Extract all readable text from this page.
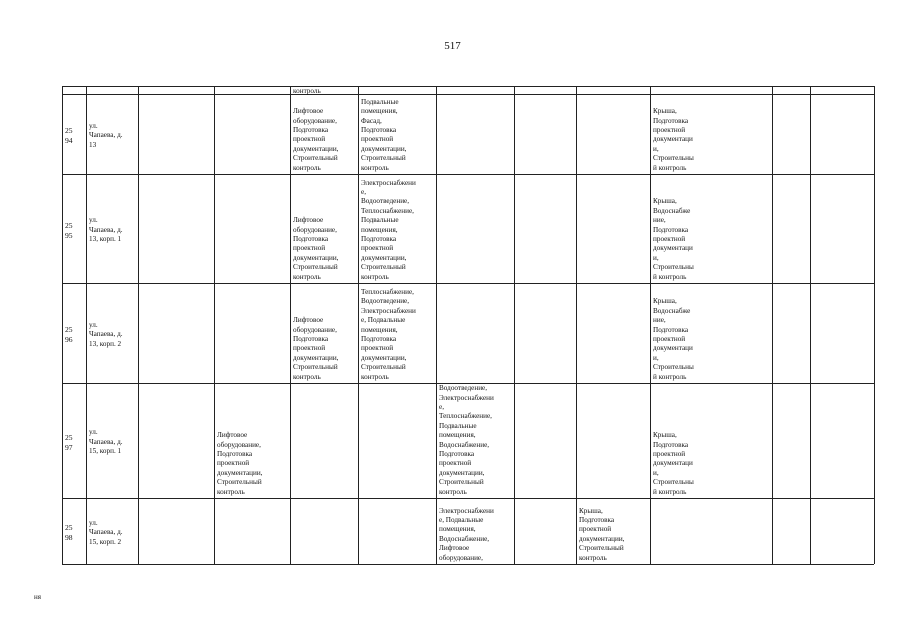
517
контроль
25
94
ул.
Чапаева, д.
13
Лифтовое
оборудование,
Подготовка
проектной
документации,
Строительный
контроль
Подвальные
помещения,
Фасад,
Подготовка
проектной
документации,
Строительный
контроль
Крыша,
Подготовка
проектной
документаци
и,
Строительны
й контроль
25
95
ул.
Чапаева, д.
13, корп. 1
Лифтовое
оборудование,
Подготовка
проектной
документации,
Строительный
контроль
Электроснабжени
е,
Водоотведение,
Теплоснабжение,
Подвальные
помещения,
Подготовка
проектной
документации,
Строительный
контроль
Крыша,
Водоснабже
ние,
Подготовка
проектной
документаци
и,
Строительны
й контроль
25
96
ул.
Чапаева, д.
13, корп. 2
Лифтовое
оборудование,
Подготовка
проектной
документации,
Строительный
контроль
Теплоснабжение,
Водоотведение,
Электроснабжени
е, Подвальные
помещения,
Подготовка
проектной
документации,
Строительный
контроль
Крыша,
Водоснабже
ние,
Подготовка
проектной
документаци
и,
Строительны
й контроль
25
97
ул.
Чапаева, д.
15, корп. 1
Лифтовое
оборудование,
Подготовка
проектной
документации,
Строительный
контроль
Водоотведение,
Электроснабжени
е,
Теплоснабжение,
Подвальные
помещения,
Водоснабжение,
Подготовка
проектной
документации,
Строительный
контроль
Крыша,
Подготовка
проектной
документаци
и,
Строительны
й контроль
25
98
ул.
Чапаева, д.
15, корп. 2
Электроснабжени
е, Подвальные
помещения,
Водоснабжение,
Лифтовое
оборудование,
Крыша,
Подготовка
проектной
документации,
Строительный
контроль
ня
